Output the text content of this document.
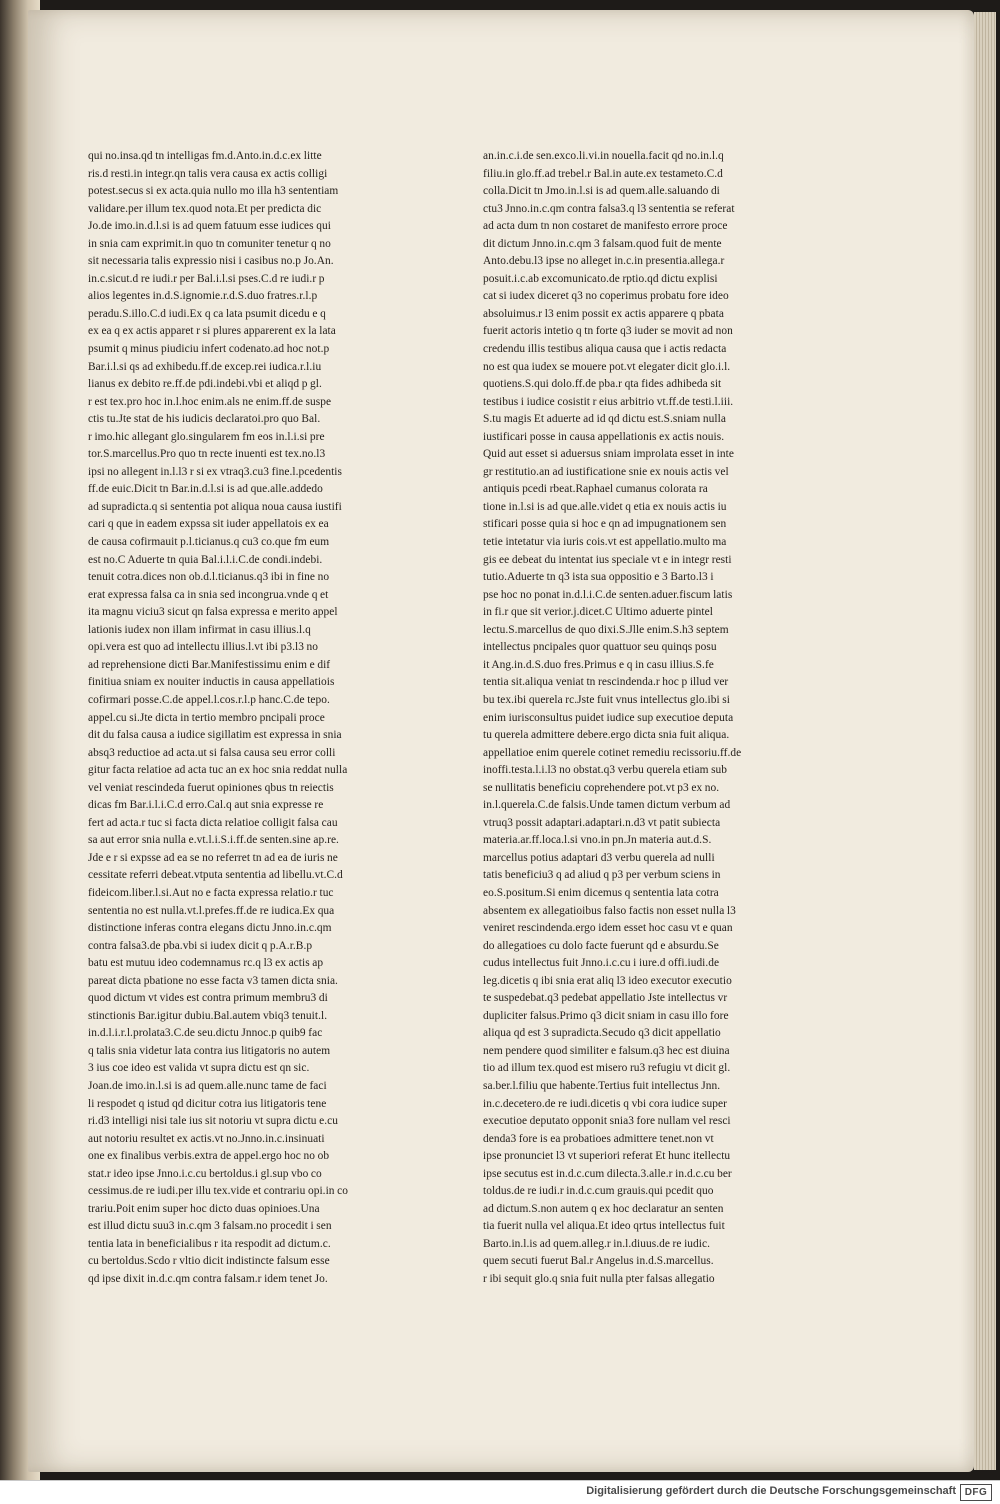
qui no.insa.qd tn intelligas fm.d.Anto.in.d.c.ex litte
ris.d resti.in integr.qn talis vera causa ex actis colligi
potest.secus si ex acta.quia nullo mo illa h3 sententiam
validare.per illum tex.quod nota.Et per predicta dic
Jo.de imo.in.d.l.si is ad quem fatuum esse iudices qui
in snia cam exprimit.in quo tn comuniter tenetur q no
sit necessaria talis expressio nisi i casibus no.p Jo.An.
in.c.sicut.d re iudi.r per Bal.i.l.si pses.C.d re iudi.r p
alios legentes in.d.S.ignomie.r.d.S.duo fratres.r.l.p
peradu.S.illo.C.d iudi.Ex q ca lata psumit dicedu e q
ex ea q ex actis apparet r si plures apparerent ex la lata
psumit q minus piudiciu infert codenato.ad hoc not.p
Bar.i.l.si qs ad exhibedu.ff.de excep.rei iudica.r.l.iu
lianus ex debito re.ff.de pdi.indebi.vbi et aliqd p gl.
r est tex.pro hoc in.l.hoc enim.als ne enim.ff.de suspe
ctis tu.Jte stat de his iudicis declaratoi.pro quo Bal.
r imo.hic allegant glo.singularem fm eos in.l.i.si pre
tor.S.marcellus.Pro quo tn recte inuenti est tex.no.l3
ipsi no allegent in.l.l3 r si ex vtraq3.cu3 fine.l.pcedentis
ff.de euic.Dicit tn Bar.in.d.l.si is ad que.alle.addedo
ad supradicta.q si sententia pot aliqua noua causa iustifi
cari q que in eadem expssa sit iuder appellatois ex ea
de causa cofirmauit p.l.ticianus.q cu3 co.que fm eum
est no.C Aduerte tn quia Bal.i.l.i.C.de condi.indebi.
tenuit cotra.dices non ob.d.l.ticianus.q3 ibi in fine no
erat expressa falsa ca in snia sed incongrua.vnde q et
ita magnu viciu3 sicut qn falsa expressa e merito appel
lationis iudex non illam infirmat in casu illius.l.q
opi.vera est quo ad intellectu illius.l.vt ibi p3.l3 no
ad reprehensione dicti Bar.Manifestissimu enim e dif
finitiua sniam ex nouiter inductis in causa appellatiois
cofirmari posse.C.de appel.l.cos.r.l.p hanc.C.de tepo.
appel.cu si.Jte dicta in tertio membro pncipali proce
dit du falsa causa a iudice sigillatim est expressa in snia
absq3 reductioe ad acta.ut si falsa causa seu error colli
gitur facta relatioe ad acta tuc an ex hoc snia reddat nulla
vel veniat rescindeda fuerut opiniones qbus tn reiectis
dicas fm Bar.i.l.i.C.d erro.Cal.q aut snia expresse re
fert ad acta.r tuc si facta dicta relatioe colligit falsa cau
sa aut error snia nulla e.vt.l.i.S.i.ff.de senten.sine ap.re.
Jde e r si expsse ad ea se no referret tn ad ea de iuris ne
cessitate referri debeat.vtputa sententia ad libellu.vt.C.d
fideicom.liber.l.si.Aut no e facta expressa relatio.r tuc
sententia no est nulla.vt.l.prefes.ff.de re iudica.Ex qua
distinctione inferas contra elegans dictu Jnno.in.c.qm
contra falsa3.de pba.vbi si iudex dicit q p.A.r.B.p
batu est mutuu ideo codemnamus rc.q l3 ex actis ap
pareat dicta pbatione no esse facta v3 tamen dicta snia.
quod dictum vt vides est contra primum membru3 di
stinctionis Bar.igitur dubiu.Bal.autem vbiq3 tenuit.l.
in.d.l.i.r.l.prolata3.C.de seu.dictu Jnnoc.p quib9 fac
q talis snia videtur lata contra ius litigatoris no autem
3 ius coe ideo est valida vt supra dictu est qn sic.
Joan.de imo.in.l.si is ad quem.alle.nunc tame de faci
li respodet q istud qd dicitur cotra ius litigatoris tene
ri.d3 intelligi nisi tale ius sit notoriu vt supra dictu e.cu
aut notoriu resultet ex actis.vt no.Jnno.in.c.insinuati
one ex finalibus verbis.extra de appel.ergo hoc no ob
stat.r ideo ipse Jnno.i.c.cu bertoldus.i gl.sup vbo co
cessimus.de re iudi.per illu tex.vide et contrariu opi.in co
trariu.Poit enim super hoc dicto duas opinioes.Una
est illud dictu suu3 in.c.qm 3 falsam.no procedit i sen
tentia lata in beneficialibus r ita respodit ad dictum.c.
cu bertoldus.Scdo r vltio dicit indistincte falsum esse
qd ipse dixit in.d.c.qm contra falsam.r idem tenet Jo.
an.in.c.i.de sen.exco.li.vi.in nouella.facit qd no.in.l.q
filiu.in glo.ff.ad trebel.r Bal.in aute.ex testameto.C.d
colla.Dicit tn Jmo.in.l.si is ad quem.alle.saluando di
ctu3 Jnno.in.c.qm contra falsa3.q l3 sententia se referat
ad acta dum tn non costaret de manifesto errore proce
dit dictum Jnno.in.c.qm 3 falsam.quod fuit de mente
Anto.debu.l3 ipse no alleget in.c.in presentia.allega.r
posuit.i.c.ab excomunicato.de rptio.qd dictu explisi
cat si iudex diceret q3 no coperimus probatu fore ideo
absoluimus.r l3 enim possit ex actis apparere q pbata
fuerit actoris intetio q tn forte q3 iuder se movit ad non
credendu illis testibus aliqua causa que i actis redacta
no est qua iudex se mouere pot.vt elegater dicit glo.i.l.
quotiens.S.qui dolo.ff.de pba.r qta fides adhibeda sit
testibus i iudice cosistit r eius arbitrio vt.ff.de testi.l.iii.
S.tu magis Et aduerte ad id qd dictu est.S.sniam nulla
iustificari posse in causa appellationis ex actis nouis.
Quid aut esset si aduersus sniam improlata esset in inte
gr restitutio.an ad iustificatione snie ex nouis actis vel
antiquis pcedi rbeat.Raphael cumanus colorata ra
tione in.l.si is ad que.alle.videt q etia ex nouis actis iu
stificari posse quia si hoc e qn ad impugnationem sen
tetie intetatur via iuris cois.vt est appellatio.multo ma
gis ee debeat du intentat ius speciale vt e in integr resti
tutio.Aduerte tn q3 ista sua oppositio e 3 Barto.l3 i
pse hoc no ponat in.d.l.i.C.de senten.aduer.fiscum latis
in fi.r que sit verior.j.dicet.C Ultimo aduerte pintel
lectu.S.marcellus de quo dixi.S.Jlle enim.S.h3 septem
intellectus pncipales quor quattuor seu quinqs posu
it Ang.in.d.S.duo fres.Primus e q in casu illius.S.fe
tentia sit.aliqua veniat tn rescindenda.r hoc p illud ver
bu tex.ibi querela rc.Jste fuit vnus intellectus glo.ibi si
enim iurisconsultus puidet iudice sup executioe deputa
tu querela admittere debere.ergo dicta snia fuit aliqua.
appellatioe enim querele cotinet remediu recissoriu.ff.de
inoffi.testa.l.i.l3 no obstat.q3 verbu querela etiam sub
se nullitatis beneficiu coprehendere pot.vt p3 ex no.
in.l.querela.C.de falsis.Unde tamen dictum verbum ad
vtruq3 possit adaptari.adaptari.n.d3 vt patit subiecta
materia.ar.ff.loca.l.si vno.in pn.Jn materia aut.d.S.
marcellus potius adaptari d3 verbu querela ad nulli
tatis beneficiu3 q ad aliud q p3 per verbum sciens in
eo.S.positum.Si enim dicemus q sententia lata cotra
absentem ex allegatioibus falso factis non esset nulla l3
veniret rescindenda.ergo idem esset hoc casu vt e quan
do allegatioes cu dolo facte fuerunt qd e absurdu.Se
cudus intellectus fuit Jnno.i.c.cu i iure.d offi.iudi.de
leg.dicetis q ibi snia erat aliq l3 ideo executor executio
te suspedebat.q3 pedebat appellatio Jste intellectus vr
dupliciter falsus.Primo q3 dicit sniam in casu illo fore
aliqua qd est 3 supradicta.Secudo q3 dicit appellatio
nem pendere quod similiter e falsum.q3 hec est diuina
tio ad illum tex.quod est misero ru3 refugiu vt dicit gl.
sa.ber.l.filiu que habente.Tertius fuit intellectus Jnn.
in.c.decetero.de re iudi.dicetis q vbi cora iudice super
executioe deputato opponit snia3 fore nullam vel resci
denda3 fore is ea probatioes admittere tenet.non vt
ipse pronunciet l3 vt superiori referat Et hunc itellectu
ipse secutus est in.d.c.cum dilecta.3.alle.r in.d.c.cu ber
toldus.de re iudi.r in.d.c.cum grauis.qui pcedit quo
ad dictum.S.non autem q ex hoc declaratur an senten
tia fuerit nulla vel aliqua.Et ideo qrtus intellectus fuit
Barto.in.l.is ad quem.alleg.r in.l.diuus.de re iudic.
quem secuti fuerut Bal.r Angelus in.d.S.marcellus.
r ibi sequit glo.q snia fuit nulla pter falsas allegatio
Digitalisierung gefördert durch die Deutsche Forschungsgemeinschaft DFG
